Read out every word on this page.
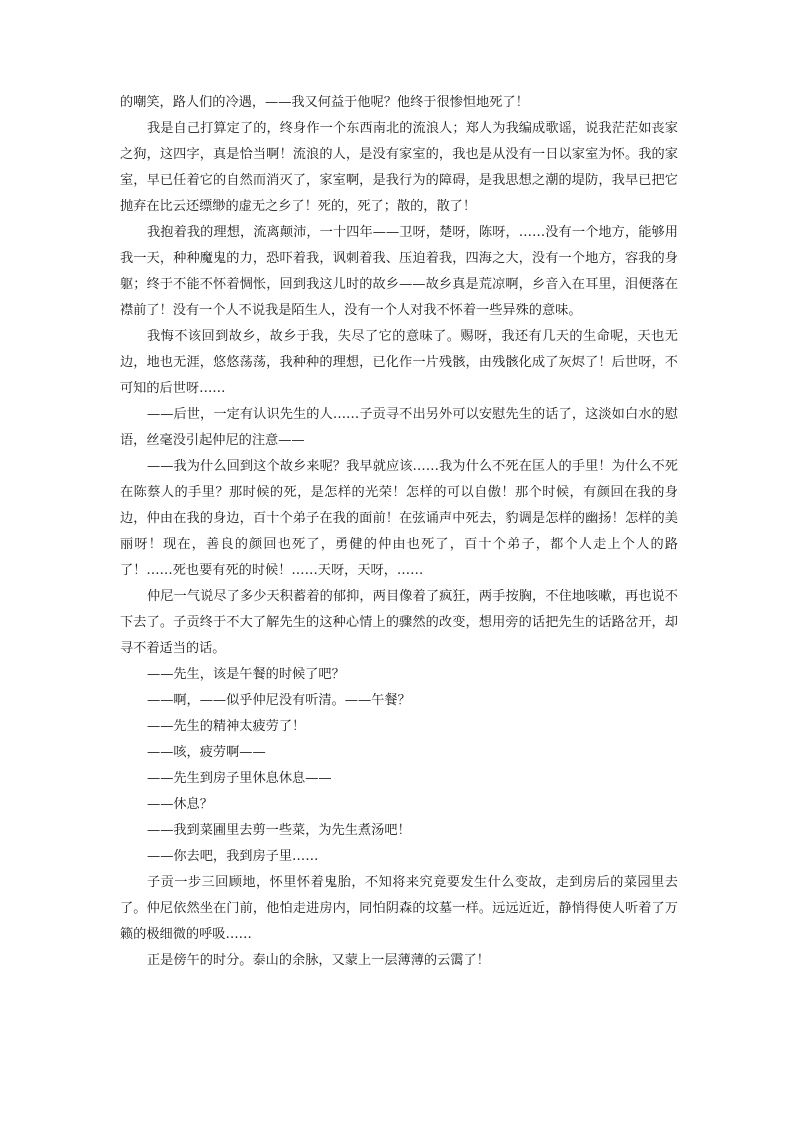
的嘲笑，路人们的冷遇，——我又何益于他呢？他终于很惨怛地死了！

我是自己打算定了的，终身作一个东西南北的流浪人；郑人为我编成歌谣，说我茫茫如丧家之狗，这四字，真是恰当啊！流浪的人，是没有家室的，我也是从没有一日以家室为怀。我的家室，早已任着它的自然而消灭了，家室啊，是我行为的障碍，是我思想之潮的堤防，我早已把它抛弃在比云还缥缈的虚无之乡了！死的，死了；散的，散了！

我抱着我的理想，流离颠沛，一十四年——卫呀，楚呀，陈呀，……没有一个地方，能够用我一天，种种魔鬼的力，恐吓着我，讽刺着我、压迫着我，四海之大，没有一个地方，容我的身躯；终于不能不怀着惆怅，回到我这儿时的故乡——故乡真是荒凉啊，乡音入在耳里，泪便落在襟前了！没有一个人不说我是陌生人，没有一个人对我不怀着一些异殊的意味。

我悔不该回到故乡，故乡于我，失尽了它的意味了。赐呀，我还有几天的生命呢，天也无边，地也无涯，悠悠荡荡，我种种的理想，已化作一片残骸，由残骸化成了灰烬了！后世呀，不可知的后世呀……

——后世，一定有认识先生的人……子贡寻不出另外可以安慰先生的话了，这淡如白水的慰语，丝毫没引起仲尼的注意——

——我为什么回到这个故乡来呢？我早就应该……我为什么不死在匡人的手里！为什么不死在陈蔡人的手里？那时候的死，是怎样的光荣！怎样的可以自傲！那个时候，有颜回在我的身边，仲由在我的身边，百十个弟子在我的面前！在弦诵声中死去，豹调是怎样的幽扬！怎样的美丽呀！现在，善良的颜回也死了，勇健的仲由也死了，百十个弟子，都个人走上个人的路了！……死也要有死的时候！……天呀，天呀，……

仲尼一气说尽了多少天积蓄着的郁抑，两目像着了疯狂，两手按胸，不住地咳嗽，再也说不下去了。子贡终于不大了解先生的这种心情上的骤然的改变，想用旁的话把先生的话路岔开，却寻不着适当的话。

——先生，该是午餐的时候了吧？

——啊，——似乎仲尼没有听清。——午餐？

——先生的精神太疲劳了！

——咳，疲劳啊——

——先生到房子里休息休息——

——休息？

——我到菜圃里去剪一些菜，为先生煮汤吧！

——你去吧，我到房子里……

子贡一步三回顾地，怀里怀着鬼胎，不知将来究竟要发生什么变故，走到房后的菜园里去了。仲尼依然坐在门前，他怕走进房内，同怕阴森的坟墓一样。远远近近，静悄得使人听着了万籁的极细微的呼吸……

正是傍午的时分。泰山的余脉，又蒙上一层薄薄的云霭了！
